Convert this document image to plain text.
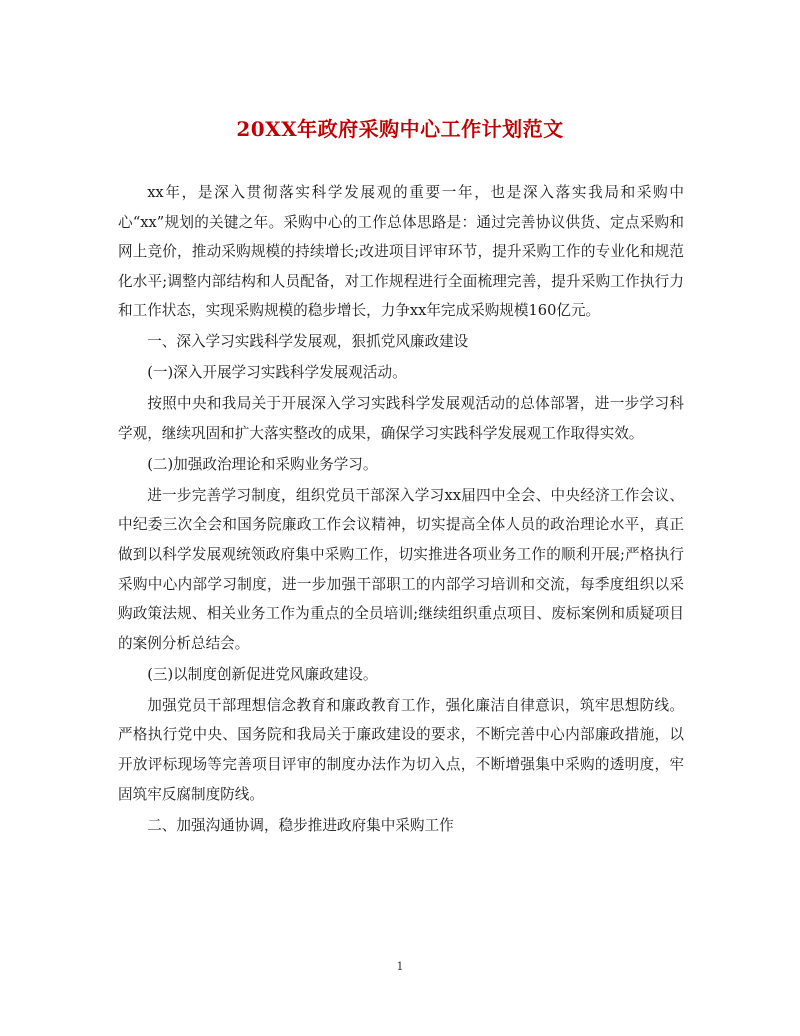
20XX年政府采购中心工作计划范文

xx年，是深入贯彻落实科学发展观的重要一年，也是深入落实我局和采购中心“xx”规划的关键之年。采购中心的工作总体思路是：通过完善协议供货、定点采购和网上竞价，推动采购规模的持续增长;改进项目评审环节，提升采购工作的专业化和规范化水平;调整内部结构和人员配备，对工作规程进行全面梳理完善，提升采购工作执行力和工作状态，实现采购规模的稳步增长，力争xx年完成采购规模160亿元。

一、深入学习实践科学发展观，狠抓党风廉政建设

(一)深入开展学习实践科学发展观活动。

按照中央和我局关于开展深入学习实践科学发展观活动的总体部署，进一步学习科学观，继续巩固和扩大落实整改的成果，确保学习实践科学发展观工作取得实效。

(二)加强政治理论和采购业务学习。

进一步完善学习制度，组织党员干部深入学习xx届四中全会、中央经济工作会议、中纪委三次全会和国务院廉政工作会议精神，切实提高全体人员的政治理论水平，真正做到以科学发展观统领政府集中采购工作，切实推进各项业务工作的顺利开展;严格执行采购中心内部学习制度，进一步加强干部职工的内部学习培训和交流，每季度组织以采购政策法规、相关业务工作为重点的全员培训;继续组织重点项目、废标案例和质疑项目的案例分析总结会。

(三)以制度创新促进党风廉政建设。

加强党员干部理想信念教育和廉政教育工作，强化廉洁自律意识，筑牢思想防线。严格执行党中央、国务院和我局关于廉政建设的要求，不断完善中心内部廉政措施，以开放评标现场等完善项目评审的制度办法作为切入点，不断增强集中采购的透明度，牢固筑牢反腐制度防线。

二、加强沟通协调，稳步推进政府集中采购工作

1
